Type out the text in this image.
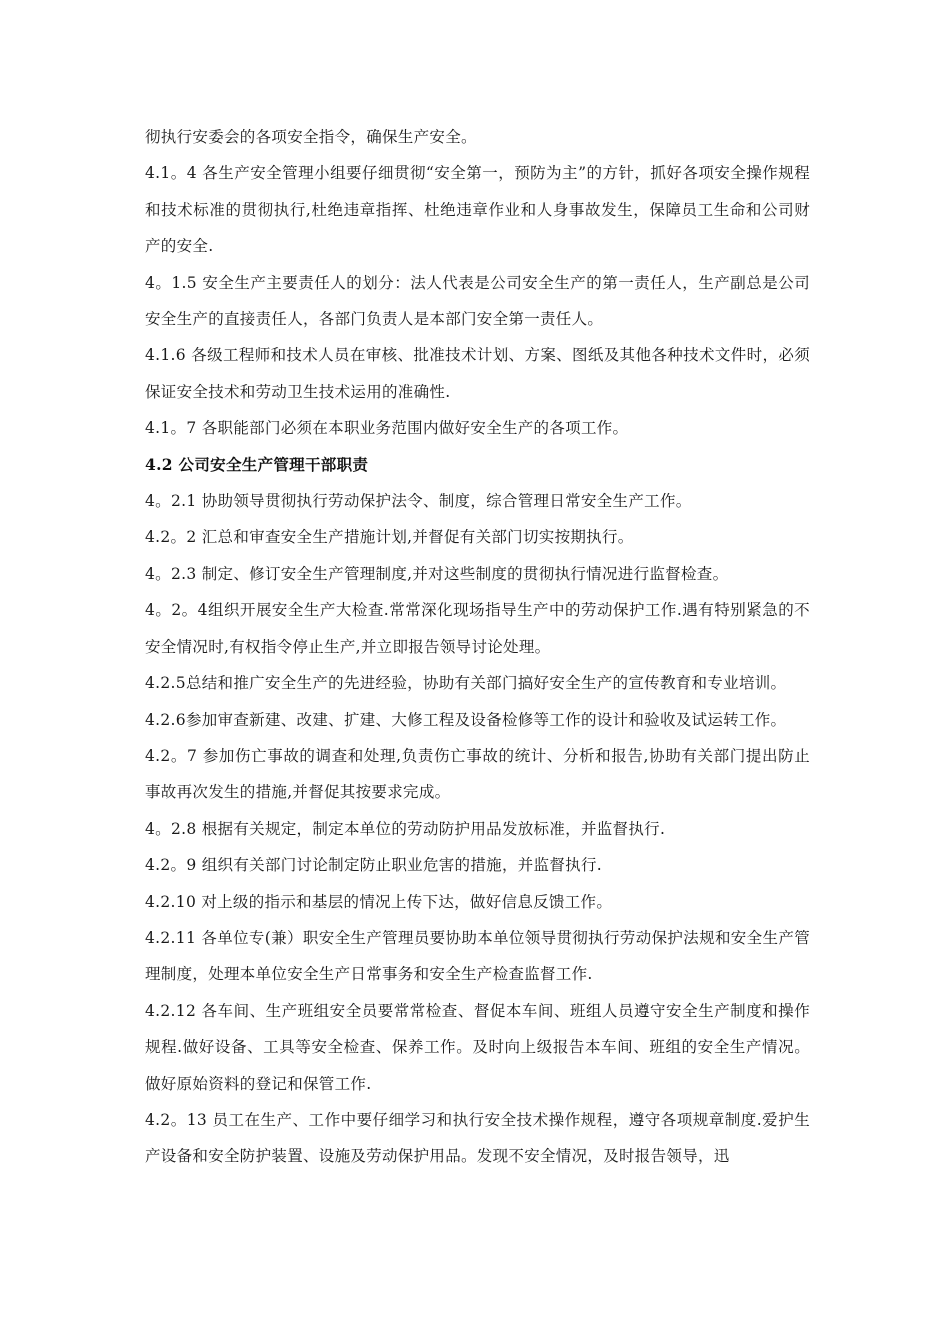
彻执行安委会的各项安全指令，确保生产安全。

4.1。4 各生产安全管理小组要仔细贯彻“安全第一，预防为主”的方针，抓好各项安全操作规程和技术标准的贯彻执行,杜绝违章指挥、杜绝违章作业和人身事故发生，保障员工生命和公司财产的安全.

4。1.5 安全生产主要责任人的划分：法人代表是公司安全生产的第一责任人，生产副总是公司安全生产的直接责任人，各部门负责人是本部门安全第一责任人。

4.1.6 各级工程师和技术人员在审核、批准技术计划、方案、图纸及其他各种技术文件时，必须保证安全技术和劳动卫生技术运用的准确性.

4.1。7 各职能部门必须在本职业务范围内做好安全生产的各项工作。

4.2 公司安全生产管理干部职责

4。2.1 协助领导贯彻执行劳动保护法令、制度，综合管理日常安全生产工作。

4.2。2 汇总和审查安全生产措施计划,并督促有关部门切实按期执行。

4。2.3 制定、修订安全生产管理制度,并对这些制度的贯彻执行情况进行监督检查。

4。2。4组织开展安全生产大检查.常常深化现场指导生产中的劳动保护工作.遇有特别紧急的不安全情况时,有权指令停止生产,并立即报告领导讨论处理。

4.2.5总结和推广安全生产的先进经验，协助有关部门搞好安全生产的宣传教育和专业培训。

4.2.6参加审查新建、改建、扩建、大修工程及设备检修等工作的设计和验收及试运转工作。

4.2。7 参加伤亡事故的调查和处理,负责伤亡事故的统计、分析和报告,协助有关部门提出防止事故再次发生的措施,并督促其按要求完成。

4。2.8 根据有关规定，制定本单位的劳动防护用品发放标准，并监督执行.

4.2。9 组织有关部门讨论制定防止职业危害的措施，并监督执行.

4.2.10 对上级的指示和基层的情况上传下达，做好信息反馈工作。

4.2.11 各单位专(兼）职安全生产管理员要协助本单位领导贯彻执行劳动保护法规和安全生产管理制度，处理本单位安全生产日常事务和安全生产检查监督工作.

4.2.12 各车间、生产班组安全员要常常检查、督促本车间、班组人员遵守安全生产制度和操作规程.做好设备、工具等安全检查、保养工作。及时向上级报告本车间、班组的安全生产情况。做好原始资料的登记和保管工作.

4.2。13 员工在生产、工作中要仔细学习和执行安全技术操作规程，遵守各项规章制度.爱护生产设备和安全防护装置、设施及劳动保护用品。发现不安全情况，及时报告领导，迅
